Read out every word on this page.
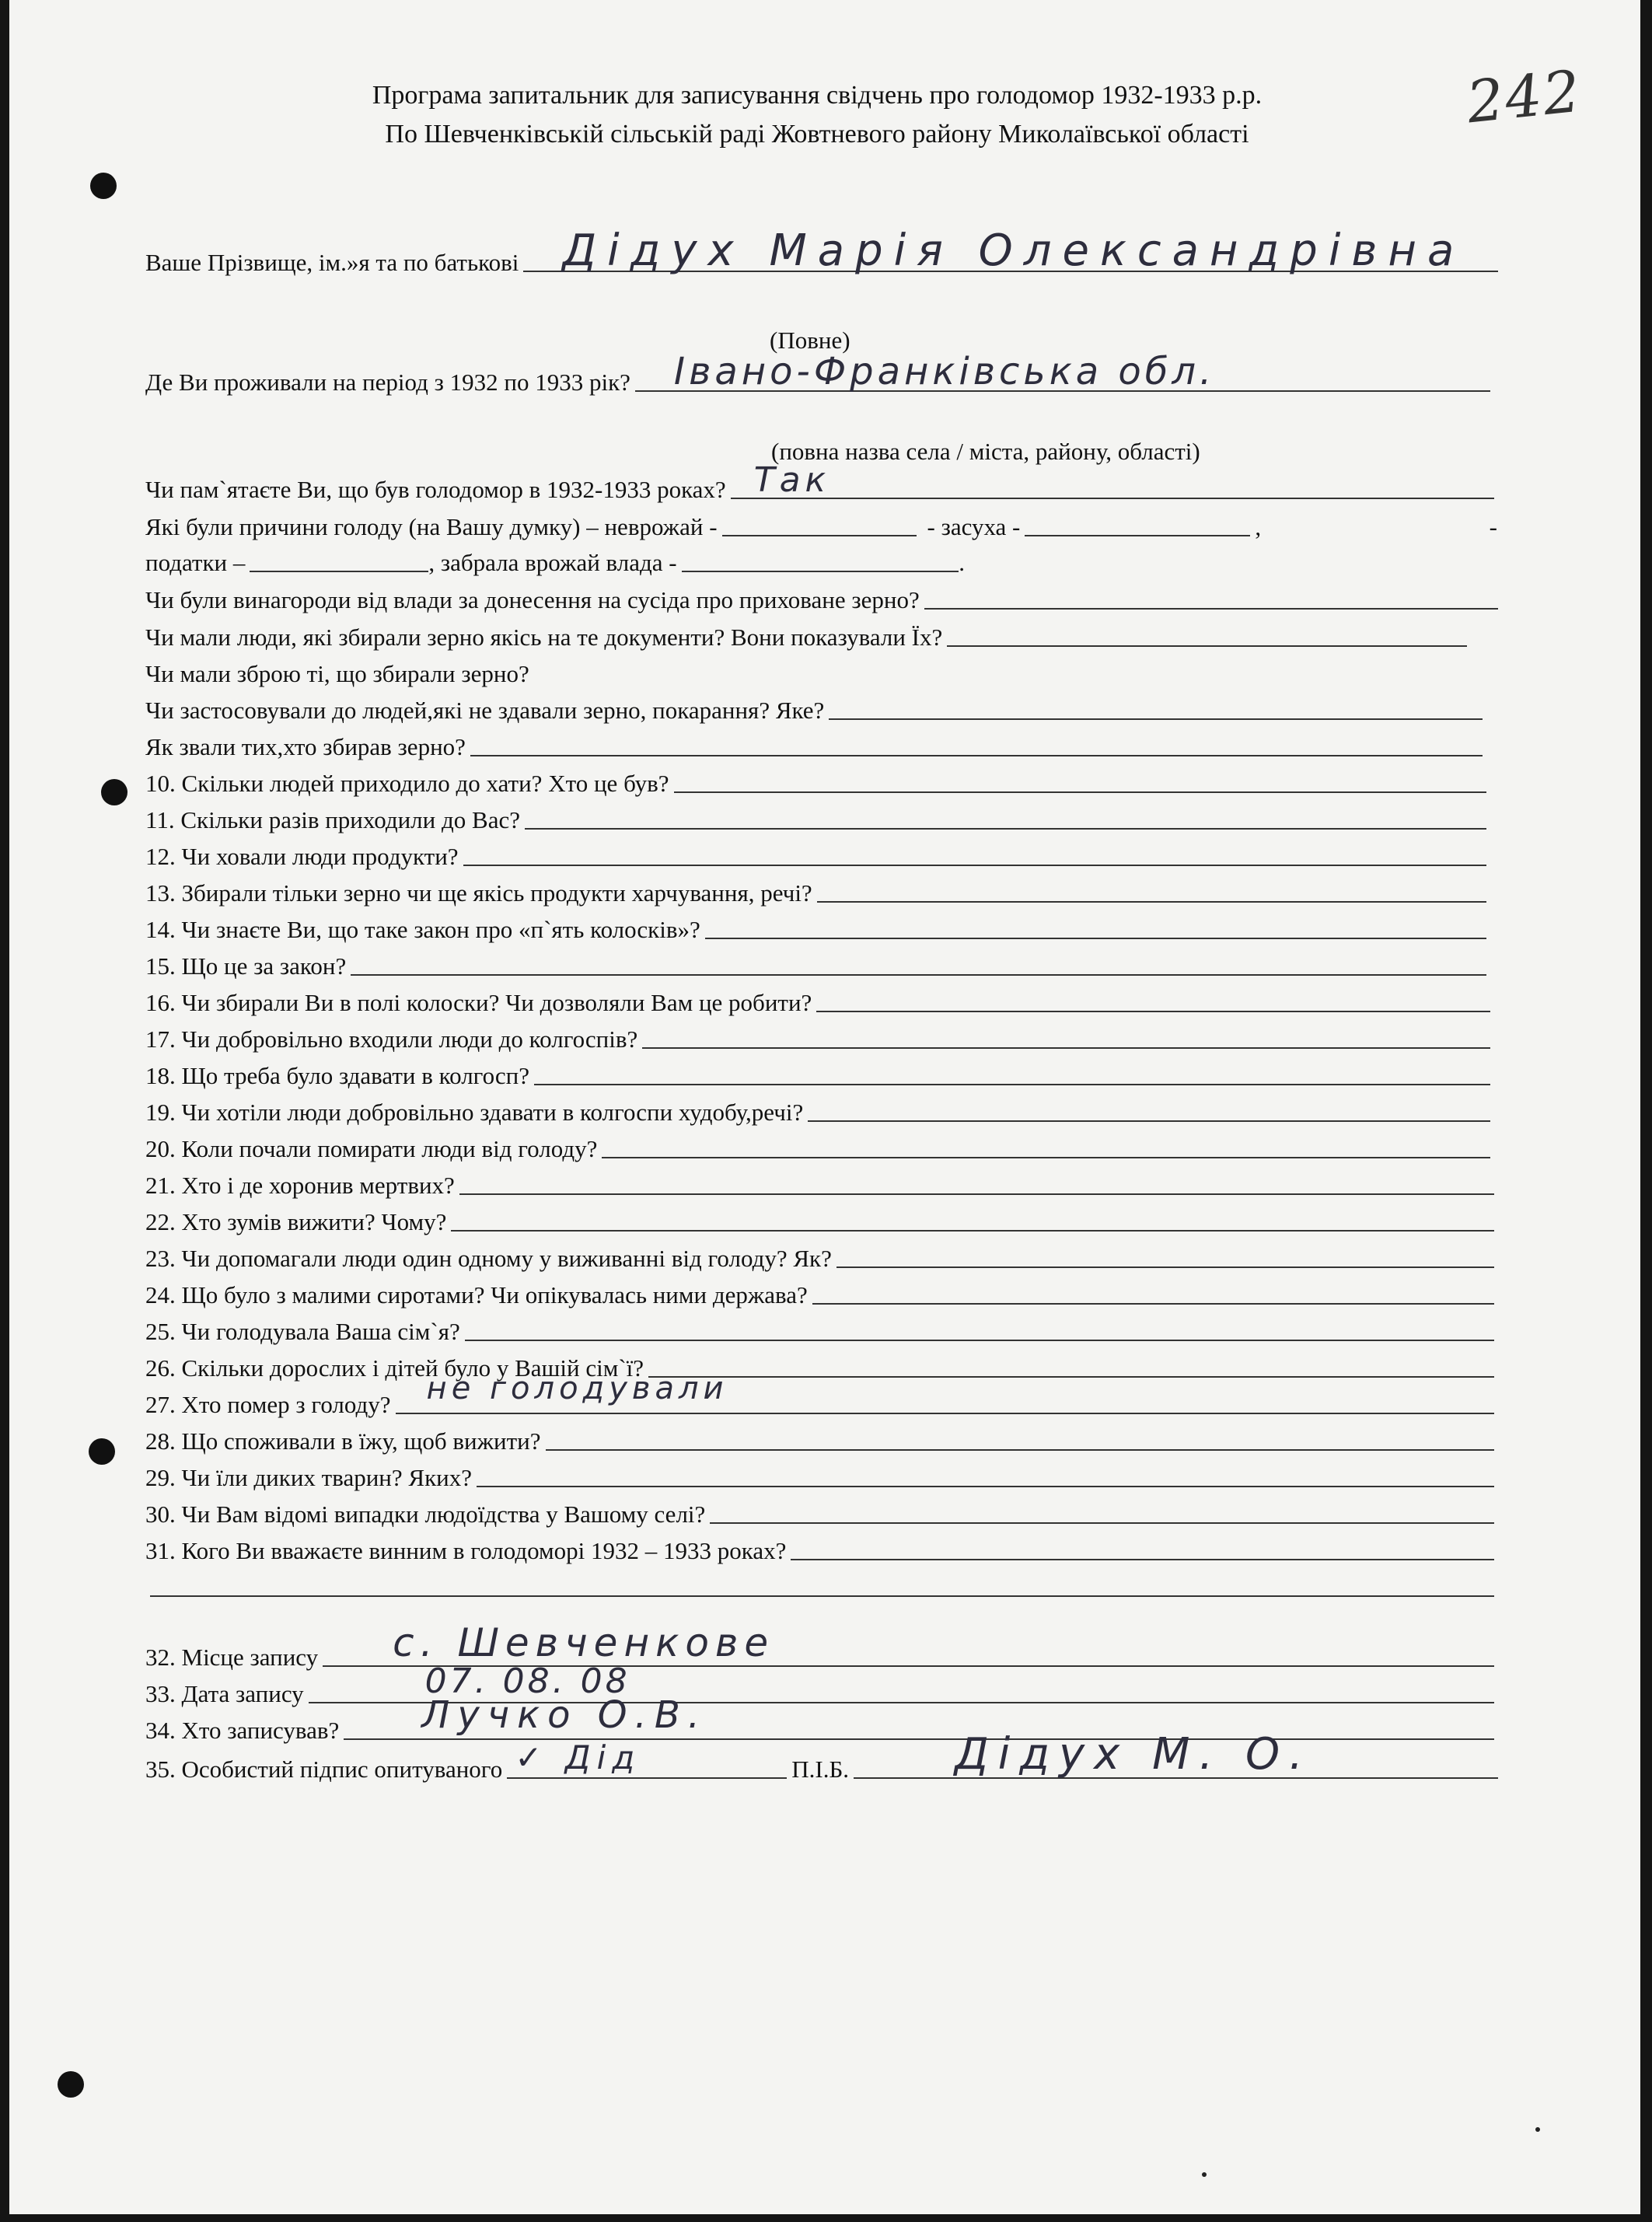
242
Програма запитальник для записування свідчень про голодомор 1932-1933 р.р.
По Шевченківській сільській раді Жовтневого району Миколаївської області
Ваше Прізвище, ім.»я та по батькові Дідух Марія Олександрівна
(Повне)
Де Ви проживали на період з 1932 по 1933 рік? Івано-Франківська обл.
(повна назва села / міста, району, області)
Чи пам`ятаєте Ви, що був голодомор в 1932-1933 роках? Так
Які були причини голоду (на Вашу думку) – неврожай -	- засуха -	,	-
податки –	, забрала врожай влада -	.
Чи були винагороди від влади за донесення на сусіда про приховане зерно?
Чи мали люди, які збирали зерно якісь на те документи? Вони показували Їх?
Чи мали зброю ті, що збирали зерно?
Чи застосовували до людей,які не здавали зерно, покарання? Яке?
Як звали тих,хто збирав зерно?
10. Скільки людей приходило до хати? Хто це був?
11. Скільки разів приходили до Вас?
12. Чи ховали люди продукти?
13. Збирали тільки зерно чи ще якісь продукти харчування, речі?
14. Чи знаєте Ви, що таке закон про «п`ять колосків»?
15. Що це за закон?
16. Чи збирали Ви в полі колоски? Чи дозволяли Вам це робити?
17. Чи добровільно входили люди до колгоспів?
18. Що треба було здавати в колгосп?
19. Чи хотіли люди добровільно здавати в колгоспи худобу,речі?
20. Коли почали помирати люди від голоду?
21. Хто і де хоронив мертвих?
22. Хто зумів вижити? Чому?
23. Чи допомагали люди один одному у виживанні від голоду? Як?
24. Що було з малими сиротами? Чи опікувалась ними держава?
25. Чи голодувала Ваша сім`я?
26. Скільки дорослих і дітей було у Вашій сім`ї?
27. Хто помер з голоду? не голодували
28. Що споживали в їжу, щоб вижити?
29. Чи їли диких тварин? Яких?
30. Чи Вам відомі випадки людоїдства у Вашому селі?
31. Кого Ви вважаєте винним в голодоморі 1932 – 1933 роках?
32. Місце запису с. Шевченкове
33. Дата запису	07. 08. 08
34. Хто записував? Лучко О.В.
35. Особистий підпис опитуваного ✓ Дід	П.І.Б. Дідух М. О.
